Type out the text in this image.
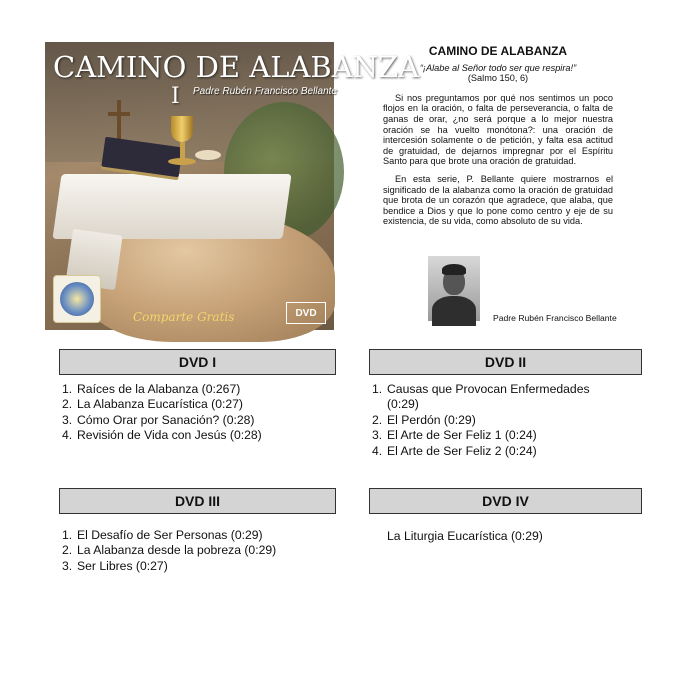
CAMINO DE ALABANZA
I Padre Rubén Francisco Bellante
Comparte Gratis	DVD
CAMINO DE ALABANZA

“¡Alabe al Señor todo ser que respira!”

(Salmo 150, 6)

Si nos preguntamos por qué nos sentimos un poco flojos en la oración, o falta de perseverancia, o falta de ganas de orar, ¿no será porque a lo mejor nuestra oración se ha vuelto monótona?: una oración de intercesión solamente o de petición, y falta esa actitud de gratuidad, de dejarnos impregnar por el Espíritu Santo para que brote una oración de gratuidad.

En esta serie, P. Bellante quiere mostrarnos el significado de la alabanza como la oración de gratuidad que brota de un corazón que agradece, que alaba, que bendice a Dios y que lo pone como centro y eje de su existencia, de su vida, como absoluto de su vida.

Padre Rubén Francisco Bellante
DVD I
1. Raíces de la Alabanza (0:267)
2. La Alabanza Eucarística (0:27)
3. Cómo Orar por Sanación? (0:28)
4. Revisión de Vida con Jesús (0:28)
DVD II
1. Causas que Provocan Enfermedades
(0:29)
2. El Perdón (0:29)
3. El Arte de Ser Feliz 1 (0:24)
4. El Arte de Ser Feliz 2 (0:24)
DVD III
1. El Desafío de Ser Personas (0:29)
2. La Alabanza desde la pobreza (0:29)
3. Ser Libres (0:27)
DVD IV
La Liturgia Eucarística (0:29)
